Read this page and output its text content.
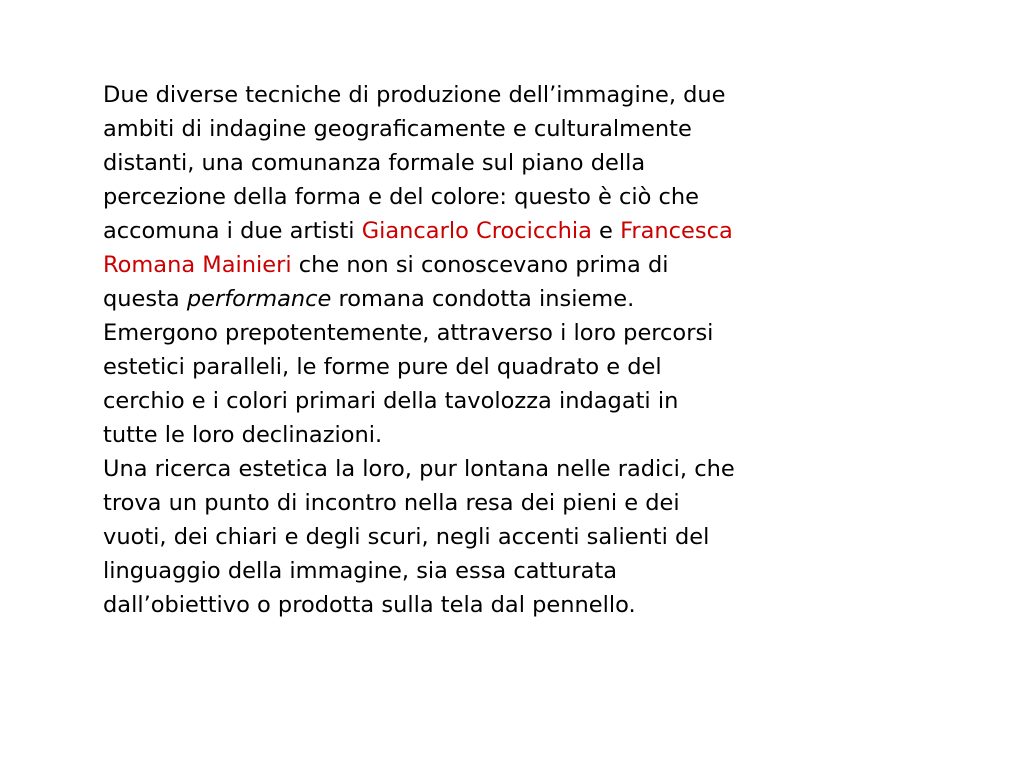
Due diverse tecniche di produzione dell’immagine, due
ambiti di indagine geograficamente e culturalmente
distanti, una comunanza formale sul piano della
percezione della forma e del colore: questo è ciò che
accomuna i due artisti Giancarlo Crocicchia e Francesca
Romana Mainieri che non si conoscevano prima di
questa performance romana condotta insieme.
Emergono prepotentemente, attraverso i loro percorsi
estetici paralleli, le forme pure del quadrato e del
cerchio e i colori primari della tavolozza indagati in
tutte le loro declinazioni.

Una ricerca estetica la loro, pur lontana nelle radici, che
trova un punto di incontro nella resa dei pieni e dei
vuoti, dei chiari e degli scuri, negli accenti salienti del
linguaggio della immagine, sia essa catturata
dall’obiettivo o prodotta sulla tela dal pennello.
